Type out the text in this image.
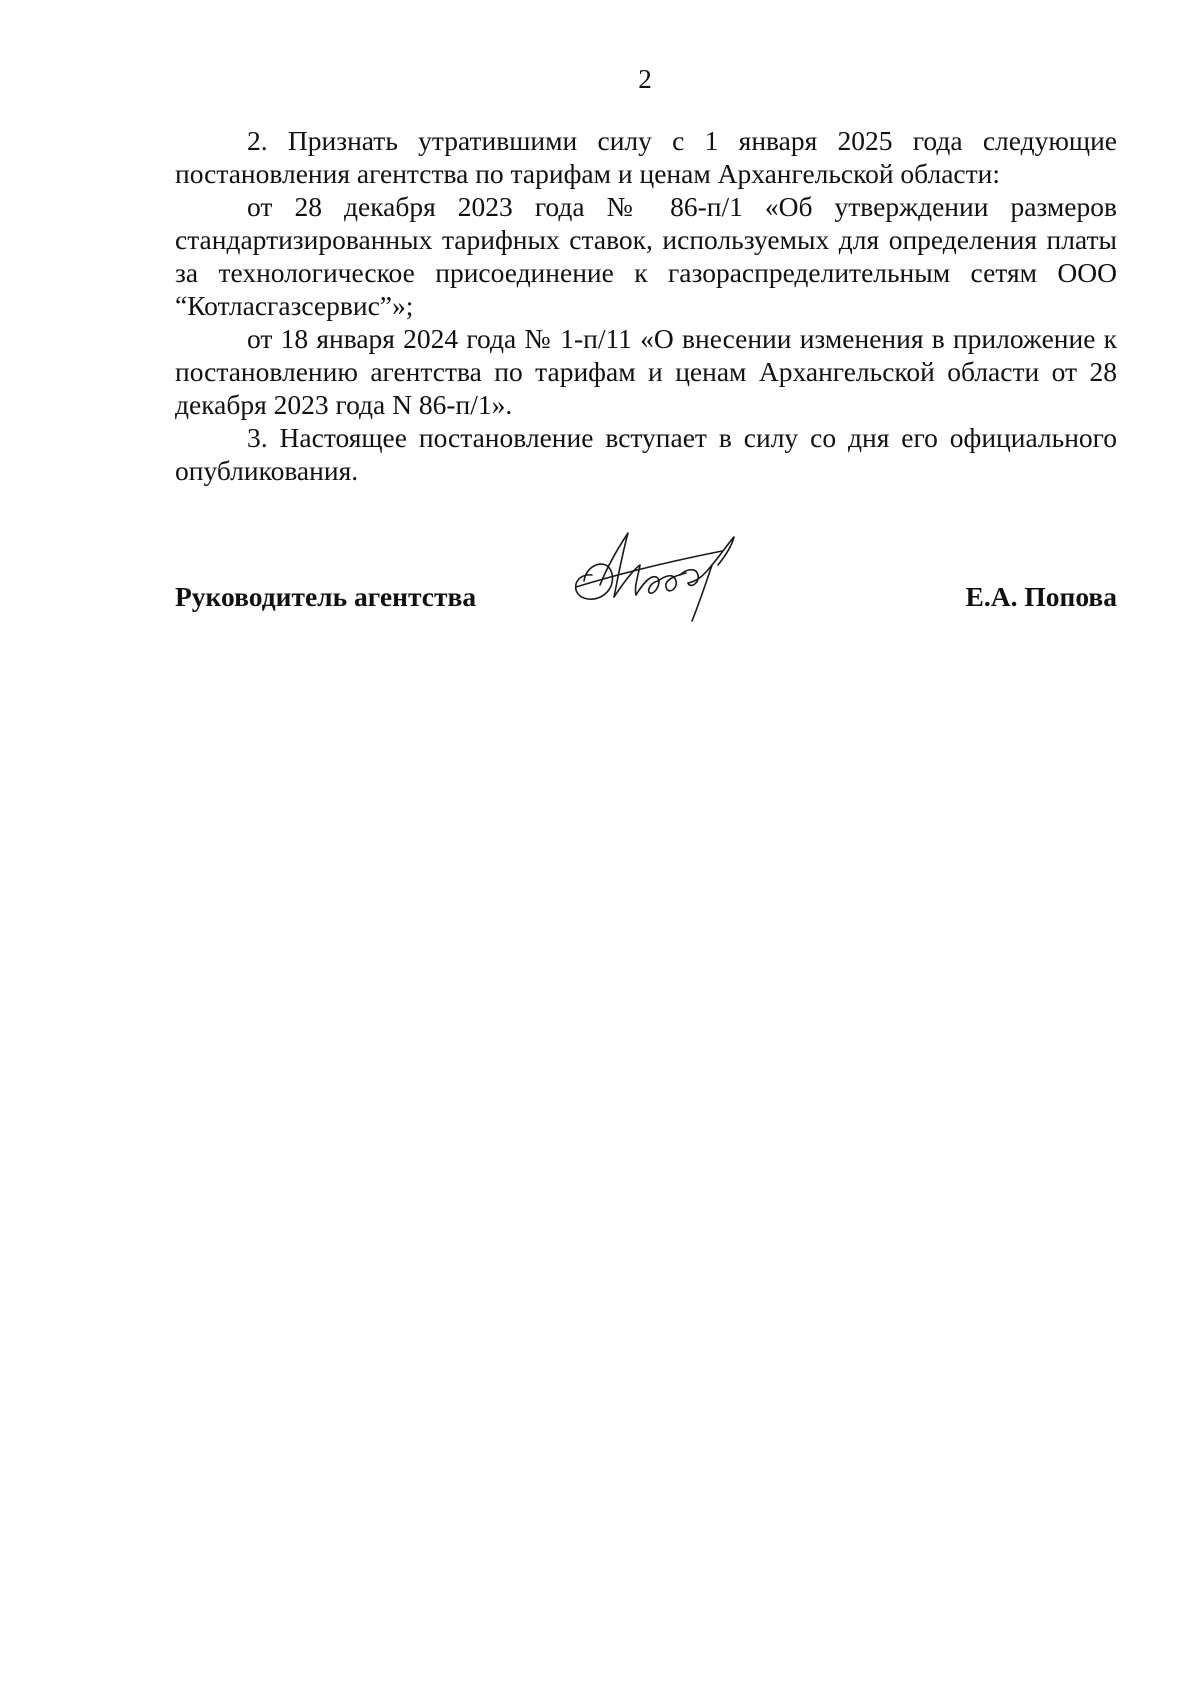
2

2. Признать утратившими силу с 1 января 2025 года следующие постановления агентства по тарифам и ценам Архангельской области:

от 28 декабря 2023 года № 86-п/1 «Об утверждении размеров стандартизированных тарифных ставок, используемых для определения платы за технологическое присоединение к газораспределительным сетям ООО “Котласгазсервис”»;

от 18 января 2024 года № 1-п/11 «О внесении изменения в приложение к постановлению агентства по тарифам и ценам Архангельской области от 28 декабря 2023 года N 86-п/1».

3. Настоящее постановление вступает в силу со дня его официального опубликования.

Руководитель агентства	Е.А. Попова
